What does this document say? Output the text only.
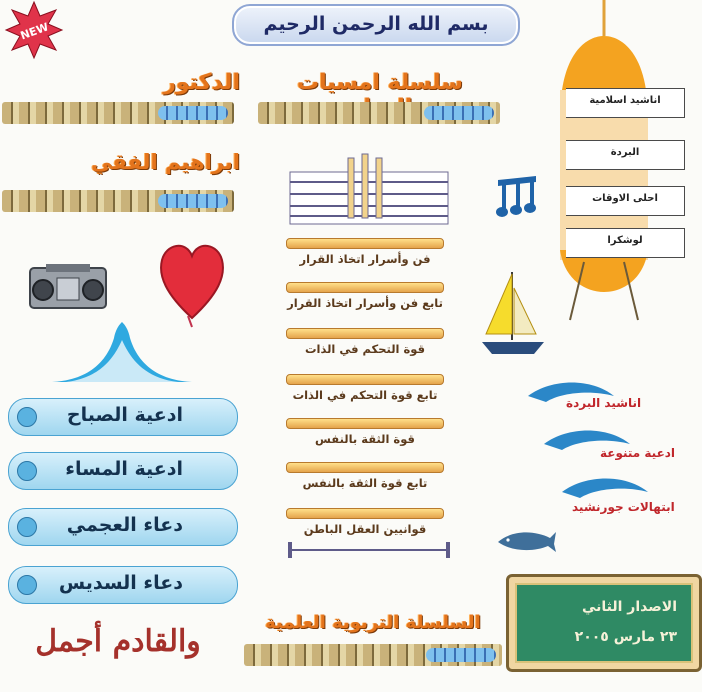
NEW	بسم الله الرحمن الرحيم
سلسلة امسيات
الدكتور
ابراهيم الفقي
ادعية الصباح
ادعية المساء
دعاء العجمي
دعاء السديس
والقادم أجمل
فن وأسرار اتخاذ القرار
تابع فن وأسرار اتخاذ القرار
قوة التحكم في الذات
تابع قوة التحكم في الذات
قوة الثقة بالنفس
تابع قوة الثقة بالنفس
قوانيين العقل الباطن
السلسلة التربوية العلمية
اناشيد اسلامية
البردة
احلى الاوقات
لوشكرا
اناشيد البردة
ادعية متنوعة
ابتهالات جورنشيد
الاصدار الثاني
٢٣ مارس ٢٠٠٥
